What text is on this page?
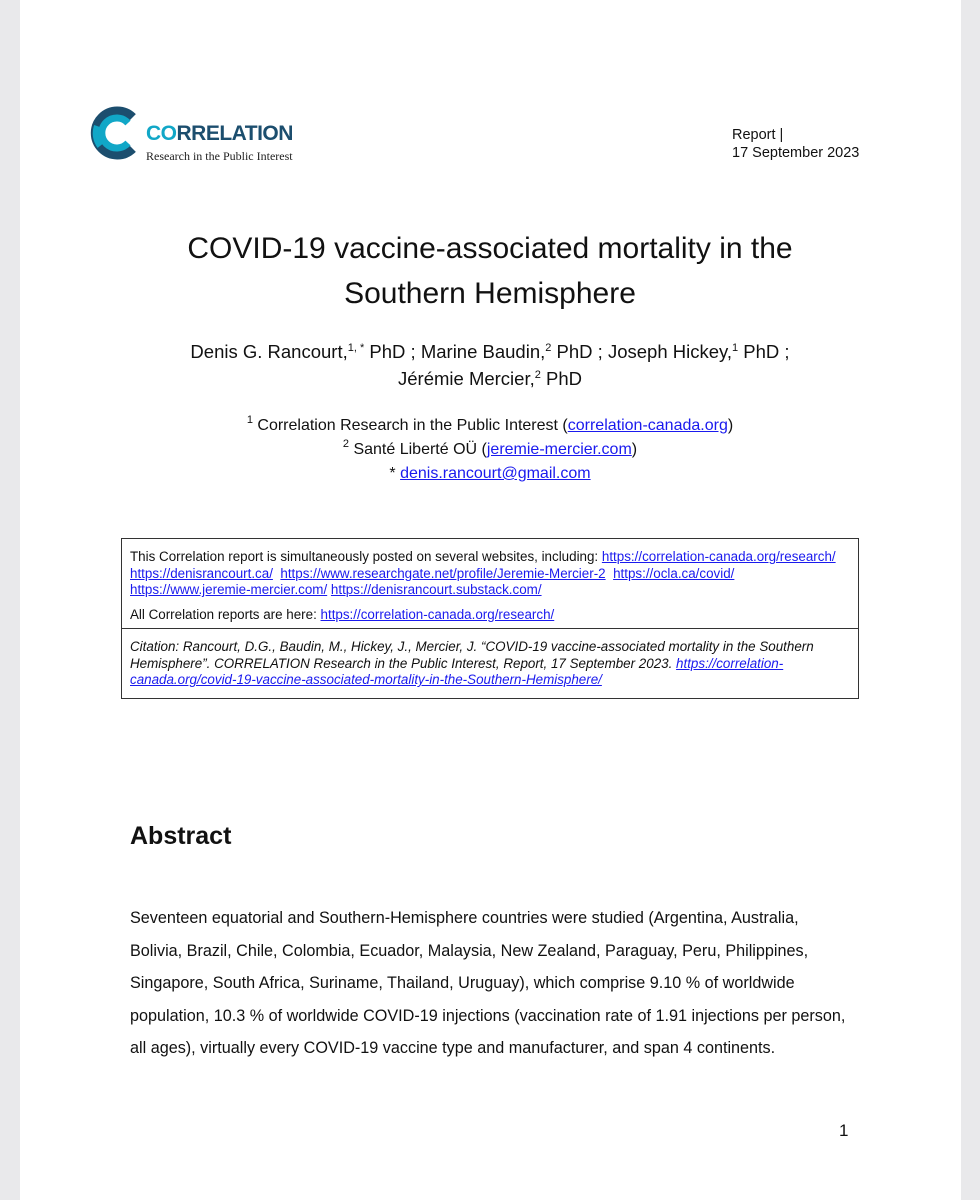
CORRELATION
Research in the Public Interest
Report |
17 September 2023
COVID-19 vaccine-associated mortality in the
Southern Hemisphere
Denis G. Rancourt,$^{1, *}$ PhD ; Marine Baudin,$^2$ PhD ; Joseph Hickey,$^1$ PhD ;
Jérémie Mercier,$^2$ PhD
$^1$ Correlation Research in the Public Interest (correlation-canada.org)
$^2$ Santé Liberté OÜ (jeremie-mercier.com)
* denis.rancourt@gmail.com
This Correlation report is simultaneously posted on several websites, including: https://correlation-canada.org/research/  https://denisrancourt.ca/ https://www.researchgate.net/profile/Jeremie-Mercier-2 https://ocla.ca/covid/  https://www.jeremie-mercier.com/ https://denisrancourt.substack.com/
All Correlation reports are here: https://correlation-canada.org/research/
Citation: Rancourt, D.G., Baudin, M., Hickey, J., Mercier, J. “COVID-19 vaccine-associated mortality in the Southern Hemisphere”. CORRELATION Research in the Public Interest, Report, 17 September 2023. https://correlation-canada.org/covid-19-vaccine-associated-mortality-in-the-Southern-Hemisphere/
Abstract
Seventeen equatorial and Southern-Hemisphere countries were studied (Argentina, Australia, Bolivia, Brazil, Chile, Colombia, Ecuador, Malaysia, New Zealand, Paraguay, Peru, Philippines, Singapore, South Africa, Suriname, Thailand, Uruguay), which comprise 9.10 % of worldwide population, 10.3 % of worldwide COVID-19 injections (vaccination rate of 1.91 injections per person, all ages), virtually every COVID-19 vaccine type and manufacturer, and span 4 continents.
1
